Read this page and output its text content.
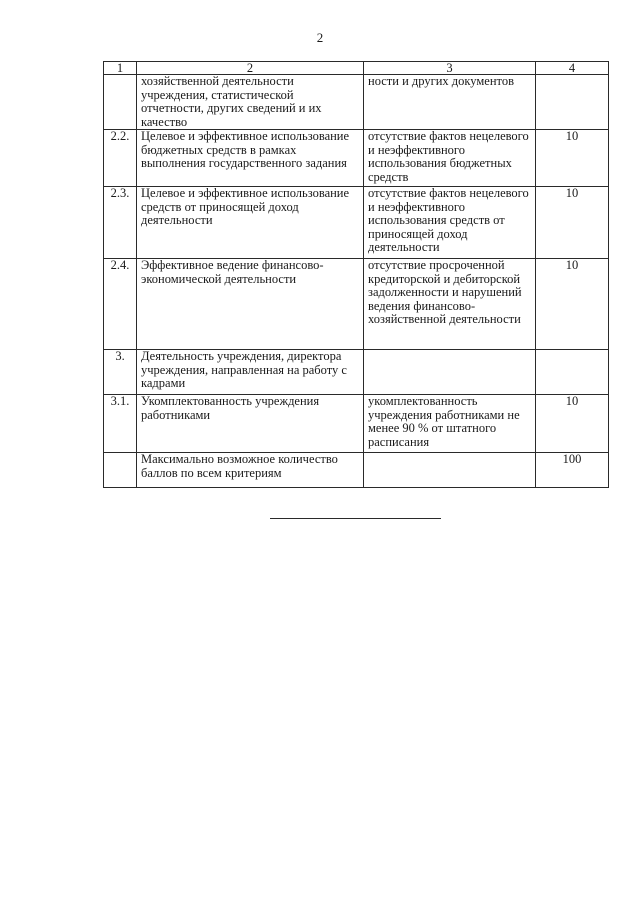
2
1	2	3	4
	хозяйственной деятельности учреждения, статистической отчетности, других сведений и их качество	ности и других документов	
2.2.	Целевое и эффективное использование бюджетных средств в рамках выполнения государственного задания	отсутствие фактов нецелевого и неэффективного использования бюджетных средств	10
2.3.	Целевое и эффективное использование средств от приносящей доход деятельности	отсутствие фактов нецелевого и неэффективного использования средств от приносящей доход деятельности	10
2.4.	Эффективное ведение финансово-экономической деятельности	отсутствие просроченной кредиторской и дебиторской задолженности и нарушений ведения финансово-хозяйственной деятельности	10
3.	Деятельность учреждения, директора учреждения, направленная на работу с кадрами		
3.1.	Укомплектованность учреждения работниками	укомплектованность учреждения работниками не менее 90 % от штатного расписания	10
	Максимально возможное количество баллов по всем критериям		100
